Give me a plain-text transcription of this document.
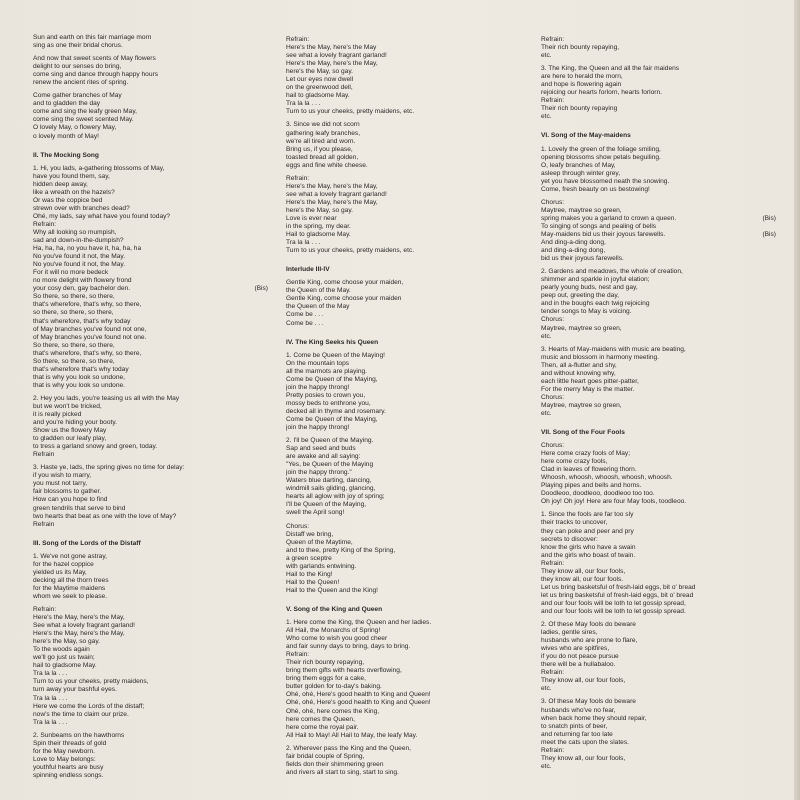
Sun and earth on this fair marriage morn
sing as one their bridal chorus.
And now that sweet scents of May flowers
delight to our senses do bring,
come sing and dance through happy hours
renew the ancient rites of spring.
Come gather branches of May
and to gladden the day
come and sing the leafy green May,
come sing the sweet scented May.
O lovely May, o flowery May,
o lovely month of May!
II. The Mocking Song
1. Hi, you lads, a-gathering blossoms of May,
have you found them, say,
hidden deep away,
like a wreath on the hazels?
Or was the coppice bed
strewn over with branches dead?
Ohé, my lads, say what have you found today?
Refrain:
Why all looking so mumpish,
sad and down-in-the-dumpish?
Ha, ha, ha, no you have it, ha, ha, ha
No you've found it not, the May.
No you've found it not, the May.
For it will no more bedeck
no more delight with flowery frond
(Bis)
your cosy den, gay bachelor den.
So there, so there, so there,
that's wherefore, that's why, so there,
so there, so there, so there,
that's wherefore, that's why today
of May branches you've found not one,
of May branches you've found not one.
So there, so there, so there,
that's wherefore, that's why, so there,
So there, so there, so there,
that's wherefore that's why today
that is why you look so undone,
that is why you look so undone.
2. Hey you lads, you're teasing us all with the May
but we won't be tricked,
it is really picked
and you're hiding your booty.
Show us the flowery May
to gladden our leafy play,
to tress a garland snowy and green, today.
Refrain
3. Haste ye, lads, the spring gives no time for delay:
if you wish to marry,
you must not tarry,
fair blossoms to gather.
How can you hope to find
green tendrils that serve to bind
two hearts that beat as one with the love of May?
Refrain
III. Song of the Lords of the Distaff
1. We've not gone astray,
for the hazel coppice
yielded us its May,
decking all the thorn trees
for the Maytime maidens
whom we seek to please.
Refrain:
Here's the May, here's the May,
See what a lovely fragrant garland!
Here's the May, here's the May,
here's the May, so gay.
To the woods again
we'll go just us twain;
hail to gladsome May.
Tra la la . . .
Turn to us your cheeks, pretty maidens,
turn away your bashful eyes.
Tra la la . . .
Here we come the Lords of the distaff;
now's the time to claim our prize.
Tra la la . . .
2. Sunbeams on the hawthorns
Spin their threads of gold
for the May newborn.
Love to May belongs:
youthful hearts are busy
spinning endless songs.
Refrain:
Here's the May, here's the May
see what a lovely fragrant garland!
Here's the May, here's the May,
here's the May, so gay.
Let our eyes now dwell
on the greenwood dell,
hail to gladsome May.
Tra la la . . .
Turn to us your cheeks, pretty maidens, etc.
3. Since we did not scorn
gathering leafy branches,
we're all tired and worn.
Bring us, if you please,
toasted bread all golden,
eggs and fine white cheese.
Refrain:
Here's the May, here's the May,
see what a lovely fragrant garland!
Here's the May, here's the May,
here's the May, so gay.
Love is ever near
in the spring, my dear.
Hail to gladsome May.
Tra la la . . .
Turn to us your cheeks, pretty maidens, etc.
Interlude III-IV
Gentle King, come choose your maiden,
the Queen of the May.
Gentle King, come choose your maiden
the Queen of the May
Come be . . .
Come be . . .
IV. The King Seeks his Queen
1. Come be Queen of the Maying!
On the mountain tops
all the marmots are playing.
Come be Queen of the Maying,
join the happy throng!
Pretty posies to crown you,
mossy beds to enthrone you,
decked all in thyme and rosemary.
Come be Queen of the Maying,
join the happy throng!
2. I'll be Queen of the Maying.
Sap and seed and buds
are awake and all saying:
"Yes, be Queen of the Maying
join the happy throng."
Waters blue darting, dancing,
windmill sails gliding, glancing,
hearts all aglow with joy of spring;
I'll be Queen of the Maying,
swell the April song!
Chorus:
Distaff we bring,
Queen of the Maytime,
and to thee, pretty King of the Spring,
a green sceptre
with garlands entwining.
Hail to the King!
Hail to the Queen!
Hail to the Queen and the King!
V. Song of the King and Queen
1. Here come the King, the Queen and her ladies.
All Hail, the Monarchs of Spring!
Who come to wish you good cheer
and fair sunny days to bring, days to bring.
Refrain:
Their rich bounty repaying,
bring them gifts with hearts overflowing,
bring them eggs for a cake,
butter golden for to-day's baking.
Ohé, ohé, Here's good health to King and Queen!
Ohé, ohé, Here's good health to King and Queen!
Ohé, ohé, here comes the King,
here comes the Queen,
here come the royal pair.
All Hail to May! All Hail to May, the leafy May.
2. Wherever pass the King and the Queen,
fair bridal couple of Spring,
fields don their shimmering green
and rivers all start to sing, start to sing.
Refrain:
Their rich bounty repaying,
etc.
3. The King, the Queen and all the fair maidens
are here to herald the morn,
and hope is flowering again
rejoicing our hearts forlorn, hearts forlorn.
Refrain:
Their rich bounty repaying
etc.
VI. Song of the May-maidens
1. Lovely the green of the foliage smiling,
opening blossoms show petals beguiling.
O, leafy branches of May,
asleep through winter grey,
yet you have blossomed neath the snowing.
Come, fresh beauty on us bestowing!
Chorus:
Maytree, maytree so green,
(Bis)
spring makes you a garland to crown a queen.
To singing of songs and pealing of bells
(Bis)
May-maidens bid us their joyous farewells.
And ding-a-ding dong,
and ding-a-ding dong,
bid us their joyous farewells.
2. Gardens and meadows, the whole of creation,
shimmer and sparkle in joyful elation;
pearly young buds, nest and gay,
peep out, greeting the day,
and in the boughs each twig rejoicing
tender songs to May is voicing.
Chorus:
Maytree, maytree so green,
etc.
3. Hearts of May-maidens with music are beating,
music and blossom in harmony meeting.
Then, all a-flutter and shy,
and without knowing why,
each little heart goes pitter-patter,
For the merry May is the matter.
Chorus:
Maytree, maytree so green,
etc.
VII. Song of the Four Fools
Chorus:
Here come crazy fools of May;
here come crazy fools,
Clad in leaves of flowering thorn.
Whoosh, whoosh, whoosh, whoosh, whoosh.
Playing pipes and bells and horns.
Doodleoo, doodleoo, doodleoo too too.
Oh joy! Oh joy! Here are four May fools, toodleoo.
1. Since the fools are far too sly
their tracks to uncover,
they can poke and peer and pry
secrets to discover:
know the girls who have a swain
and the girls who boast of twain.
Refrain:
They know all, our four fools,
they know all, our four fools.
Let us bring basketsful of fresh-laid eggs, bit o' bread
let us bring basketsful of fresh-laid eggs, bit o' bread
and our four fools will be loth to let gossip spread,
and our four fools will be loth to let gossip spread.
2. Of these May fools do beware
ladies, gentle sires,
husbands who are prone to flare,
wives who are spitfires,
if you do not peace pursue
there will be a hullabaloo.
Refrain:
They know all, our four fools,
etc.
3. Of these May fools do beware
husbands who've no fear,
when back home they should repair,
to snatch pints of beer,
and returning far too late
meet the cats upon the slates.
Refrain:
They know all, our four fools,
etc.
